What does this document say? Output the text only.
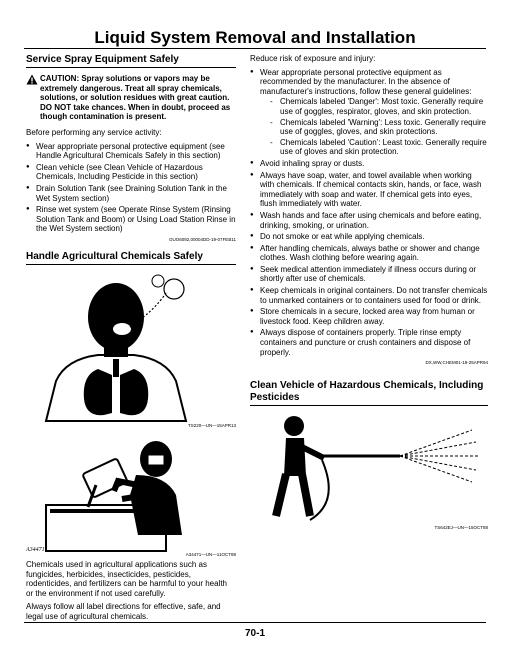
Liquid System Removal and Installation
Service Spray Equipment Safely
CAUTION: Spray solutions or vapors may be extremely dangerous. Treat all spray chemicals, solutions, or solution residues with great caution. DO NOT take chances. When in doubt, proceed as though contamination is present.

Before performing any service activity:

● Wear appropriate personal protective equipment (see Handle Agricultural Chemicals Safely in this section)
● Clean vehicle (see Clean Vehicle of Hazardous Chemicals, Including Pesticide in this section)
● Drain Solution Tank (see Draining Solution Tank in the Wet System section)
● Rinse wet system (see Operate Rinse System (Rinsing Solution Tank and Boom) or Using Load Station Rinse in the Wet System section)
OUO6092,00004DD-19-07FEB11
Handle Agricultural Chemicals Safely
TS220—UN—15APR13
A34471
A34471—UN—11OCT88

Chemicals used in agricultural applications such as fungicides, herbicides, insecticides, pesticides, rodenticides, and fertilizers can be harmful to your health or the environment if not used carefully.

Always follow all label directions for effective, safe, and legal use of agricultural chemicals.

Reduce risk of exposure and injury:

● Wear appropriate personal protective equipment as recommended by the manufacturer. In the absence of manufacturer's instructions, follow these general guidelines:
- Chemicals labeled 'Danger': Most toxic. Generally require use of goggles, respirator, gloves, and skin protection.
- Chemicals labeled 'Warning': Less toxic. Generally require use of goggles, gloves, and skin protections.
- Chemicals labeled 'Caution': Least toxic. Generally require use of gloves and skin protection.
● Avoid inhaling spray or dusts.
● Always have soap, water, and towel available when working with chemicals. If chemical contacts skin, hands, or face, wash immediately with soap and water. If chemical gets into eyes, flush immediately with water.
● Wash hands and face after using chemicals and before eating, drinking, smoking, or urination.
● Do not smoke or eat while applying chemicals.
● After handling chemicals, always bathe or shower and change clothes. Wash clothing before wearing again.
● Seek medical attention immediately if illness occurs during or shortly after use of chemicals.
● Keep chemicals in original containers. Do not transfer chemicals to unmarked containers or to containers used for food or drink.
● Store chemicals in a secure, locked area way from human or livestock food. Keep children away.
● Always dispose of containers properly. Triple rinse empty containers and puncture or crush containers and dispose of properly.
DX,WW,CHEM01-19-25APR94
Clean Vehicle of Hazardous Chemicals, Including Pesticides
TS642EJ—UN—15OCT88
70-1
